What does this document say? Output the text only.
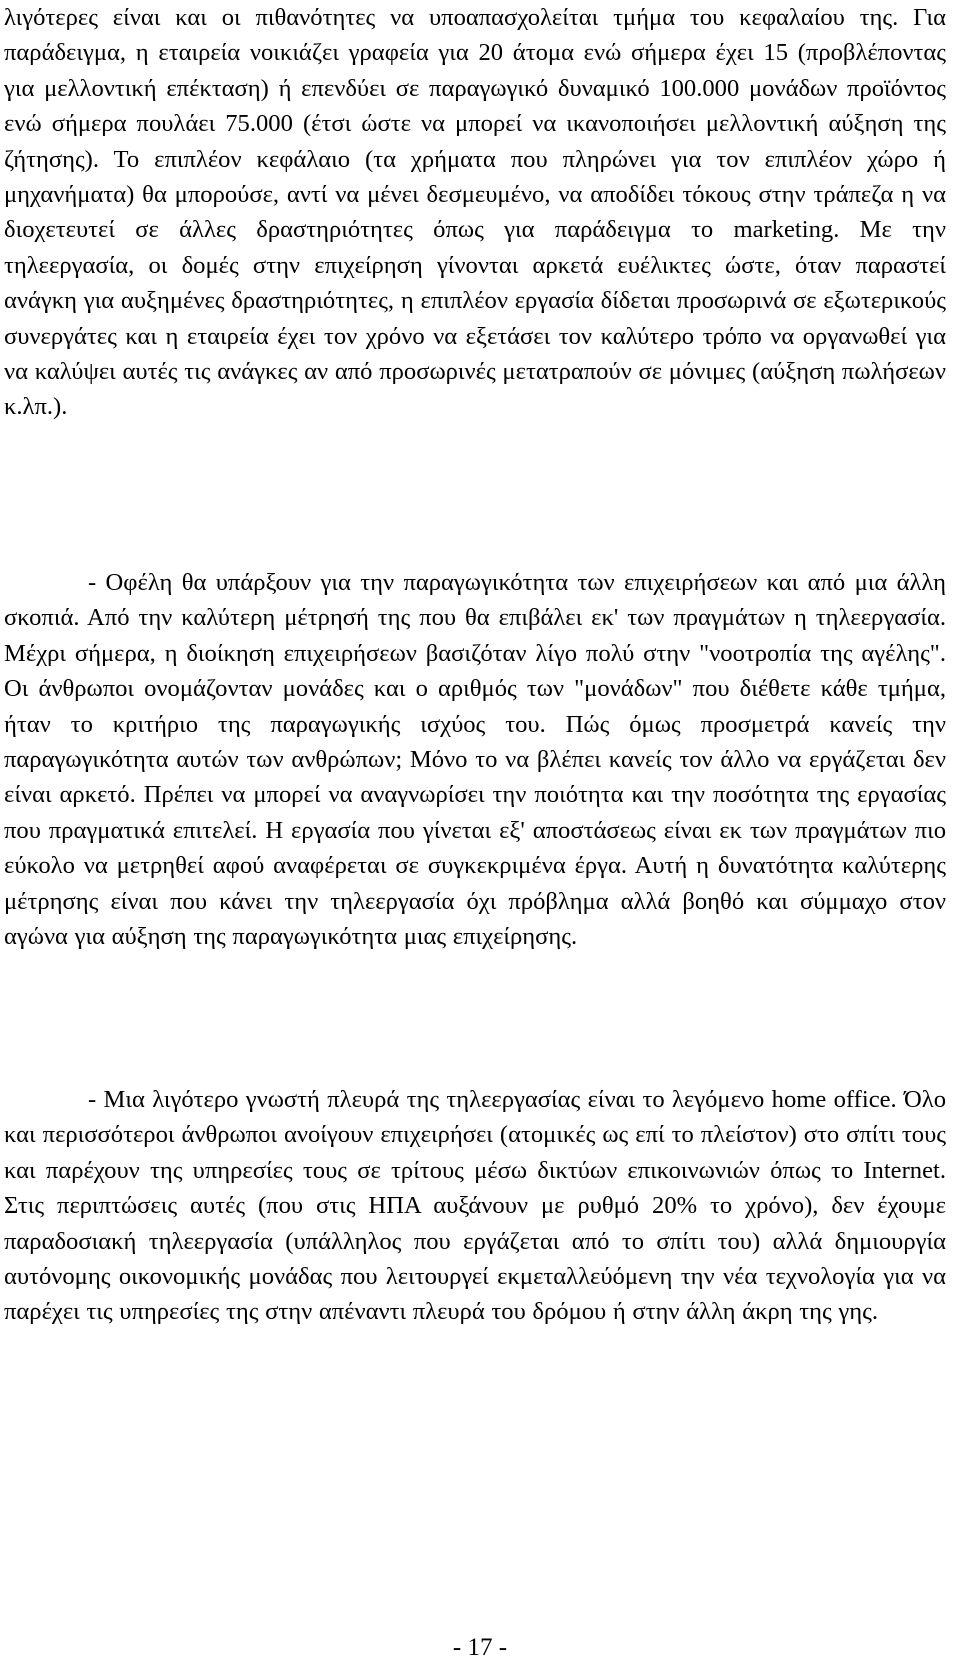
λιγότερες είναι και οι πιθανότητες να υποαπασχολείται τμήμα του κεφαλαίου της. Για παράδειγμα, η εταιρεία νοικιάζει γραφεία για 20 άτομα ενώ σήμερα έχει 15 (προβλέποντας για μελλοντική επέκταση) ή επενδύει σε παραγωγικό δυναμικό 100.000 μονάδων προϊόντος ενώ σήμερα πουλάει 75.000 (έτσι ώστε να μπορεί να ικανοποιήσει μελλοντική αύξηση της ζήτησης). Το επιπλέον κεφάλαιο (τα χρήματα που πληρώνει για τον επιπλέον χώρο ή μηχανήματα) θα μπορούσε, αντί να μένει δεσμευμένο, να αποδίδει τόκους στην τράπεζα η να διοχετευτεί σε άλλες δραστηριότητες όπως για παράδειγμα το marketing. Με την τηλεεργασία, οι δομές στην επιχείρηση γίνονται αρκετά ευέλικτες ώστε, όταν παραστεί ανάγκη για αυξημένες δραστηριότητες, η επιπλέον εργασία δίδεται προσωρινά σε εξωτερικούς συνεργάτες και η εταιρεία έχει τον χρόνο να εξετάσει τον καλύτερο τρόπο να οργανωθεί για να καλύψει αυτές τις ανάγκες αν από προσωρινές μετατραπούν σε μόνιμες (αύξηση πωλήσεων κ.λπ.).

- Οφέλη θα υπάρξουν για την παραγωγικότητα των επιχειρήσεων και από μια άλλη σκοπιά. Από την καλύτερη μέτρησή της που θα επιβάλει εκ' των πραγμάτων η τηλεεργασία. Μέχρι σήμερα, η διοίκηση επιχειρήσεων βασιζόταν λίγο πολύ στην "νοοτροπία της αγέλης". Οι άνθρωποι ονομάζονταν μονάδες και ο αριθμός των "μονάδων" που διέθετε κάθε τμήμα, ήταν το κριτήριο της παραγωγικής ισχύος του. Πώς όμως προσμετρά κανείς την παραγωγικότητα αυτών των ανθρώπων; Μόνο το να βλέπει κανείς τον άλλο να εργάζεται δεν είναι αρκετό. Πρέπει να μπορεί να αναγνωρίσει την ποιότητα και την ποσότητα της εργασίας που πραγματικά επιτελεί. Η εργασία που γίνεται εξ' αποστάσεως είναι εκ των πραγμάτων πιο εύκολο να μετρηθεί αφού αναφέρεται σε συγκεκριμένα έργα. Αυτή η δυνατότητα καλύτερης μέτρησης είναι που κάνει την τηλεεργασία όχι πρόβλημα αλλά βοηθό και σύμμαχο στον αγώνα για αύξηση της παραγωγικότητα μιας επιχείρησης.

- Μια λιγότερο γνωστή πλευρά της τηλεεργασίας είναι το λεγόμενο home office. Όλο και περισσότεροι άνθρωποι ανοίγουν επιχειρήσει (ατομικές ως επί το πλείστον) στο σπίτι τους και παρέχουν της υπηρεσίες τους σε τρίτους μέσω δικτύων επικοινωνιών όπως το Internet. Στις περιπτώσεις αυτές (που στις ΗΠΑ αυξάνουν με ρυθμό 20% το χρόνο), δεν έχουμε παραδοσιακή τηλεεργασία (υπάλληλος που εργάζεται από το σπίτι του) αλλά δημιουργία αυτόνομης οικονομικής μονάδας που λειτουργεί εκμεταλλεύόμενη την νέα τεχνολογία για να παρέχει τις υπηρεσίες της στην απέναντι πλευρά του δρόμου ή στην άλλη άκρη της γης.

- 17 -
